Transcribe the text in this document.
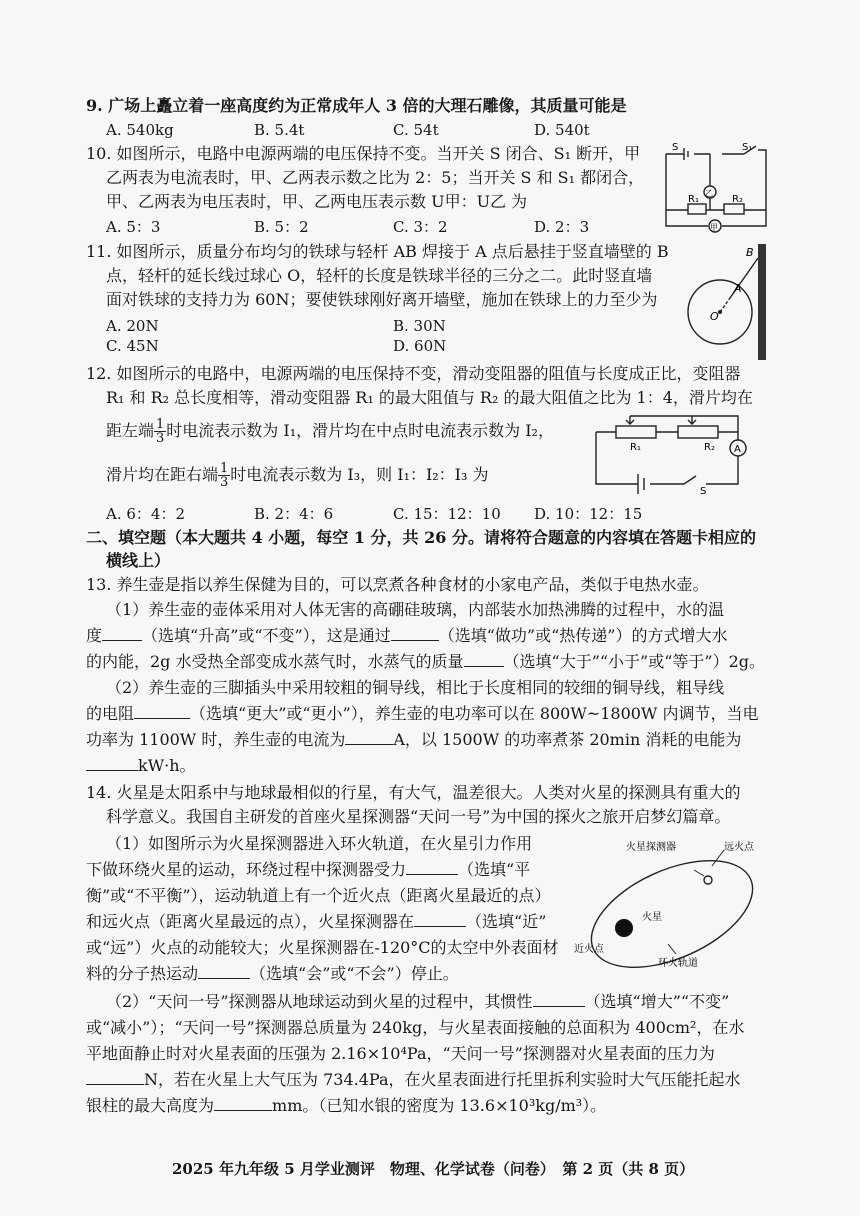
9. 广场上矗立着一座高度约为正常成年人 3 倍的大理石雕像，其质量可能是
A. 540kg	B. 5.4t	C. 54t	D. 540t
10. 如图所示，电路中电源两端的电压保持不变。当开关 S 闭合、S₁ 断开，甲
乙两表为电流表时，甲、乙两表示数之比为 2：5；当开关 S 和 S₁ 都闭合，
甲、乙两表为电压表时，甲、乙两电压表示数 U甲：U乙 为
A. 5：3	B. 5：2	C. 3：2	D. 2：3
S	S₁
R₁	R₂
乙
甲
11. 如图所示，质量分布均匀的铁球与轻杆 AB 焊接于 A 点后悬挂于竖直墙壁的 B
点，轻杆的延长线过球心 O，轻杆的长度是铁球半径的三分之二。此时竖直墙
面对铁球的支持力为 60N；要使铁球刚好离开墙壁，施加在铁球上的力至少为
A. 20N	B. 30N
C. 45N	D. 60N
B
A
O
12. 如图所示的电路中，电源两端的电压保持不变，滑动变阻器的阻值与长度成正比，变阻器
R₁ 和 R₂ 总长度相等，滑动变阻器 R₁ 的最大阻值与 R₂ 的最大阻值之比为 1：4，滑片均在
距左端 $\frac{1}{3}$ 时电流表示数为 I₁，滑片均在中点时电流表示数为 I₂，
滑片均在距右端 $\frac{1}{3}$ 时电流表示数为 I₃，则 I₁：I₂：I₃ 为
A. 6：4：2	B. 2：4：6	C. 15：12：10 D. 10：12：15
R₁	R₂ A
S
二、填空题（本大题共 4 小题，每空 1 分，共 26 分。请将符合题意的内容填在答题卡相应的
横线上）
13. 养生壶是指以养生保健为目的，可以烹煮各种食材的小家电产品，类似于电热水壶。
（1）养生壶的壶体采用对人体无害的高硼硅玻璃，内部装水加热沸腾的过程中，水的温
度	（选填“升高”或“不变”），这是通过	（选填“做功”或“热传递”）的方式增大水
的内能，2g 水受热全部变成水蒸气时，水蒸气的质量	（选填“大于”“小于”或“等于”）2g。
（2）养生壶的三脚插头中采用较粗的铜导线，相比于长度相同的较细的铜导线，粗导线
的电阻	（选填“更大”或“更小”），养生壶的电功率可以在 800W~1800W 内调节，当电
功率为 1100W 时，养生壶的电流为	A，以 1500W 的功率煮茶 20min 消耗的电能为
kW·h。
14. 火星是太阳系中与地球最相似的行星，有大气，温差很大。人类对火星的探测具有重大的
科学意义。我国自主研发的首座火星探测器“天问一号”为中国的探火之旅开启梦幻篇章。
（1）如图所示为火星探测器进入环火轨道，在火星引力作用
下做环绕火星的运动，环绕过程中探测器受力	（选填“平
衡”或“不平衡”），运动轨道上有一个近火点（距离火星最近的点）
和远火点（距离火星最远的点），火星探测器在	（选填“近”
或“远”）火点的动能较大；火星探测器在-120°C的太空中外表面材
料的分子热运动	（选填“会”或“不会”）停止。
火星探测器	远火点
火星
近火点
环火轨道
（2）“天问一号”探测器从地球运动到火星的过程中，其惯性	（选填“增大”“不变”
或“减小”）；“天问一号”探测器总质量为 240kg，与火星表面接触的总面积为 400cm²，在水
平地面静止时对火星表面的压强为 2.16×10⁴Pa，“天问一号”探测器对火星表面的压力为
N，若在火星上大气压为 734.4Pa，在火星表面进行托里拆利实验时大气压能托起水
银柱的最大高度为	mm。（已知水银的密度为 13.6×10³kg/m³）。
2025 年九年级 5 月学业测评　物理、化学试卷（问卷）　第 2 页（共 8 页）
